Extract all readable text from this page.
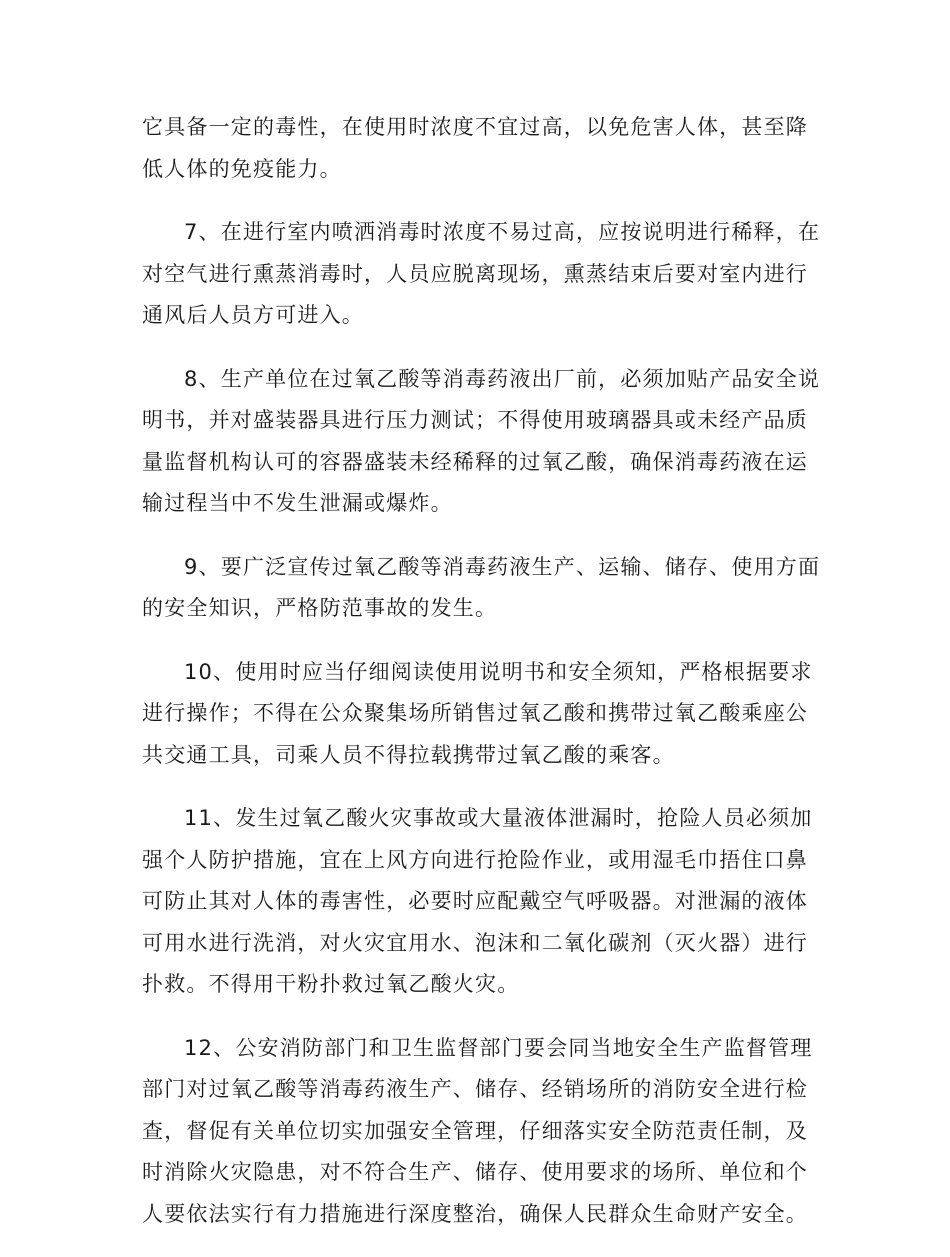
它具备一定的毒性，在使用时浓度不宜过高，以免危害人体，甚至降
低人体的免疫能力。

7、在进行室内喷洒消毒时浓度不易过高，应按说明进行稀释，在
对空气进行熏蒸消毒时，人员应脱离现场，熏蒸结束后要对室内进行
通风后人员方可进入。

8、生产单位在过氧乙酸等消毒药液出厂前，必须加贴产品安全说
明书，并对盛装器具进行压力测试；不得使用玻璃器具或未经产品质
量监督机构认可的容器盛装未经稀释的过氧乙酸，确保消毒药液在运
输过程当中不发生泄漏或爆炸。

9、要广泛宣传过氧乙酸等消毒药液生产、运输、储存、使用方面
的安全知识，严格防范事故的发生。

10、使用时应当仔细阅读使用说明书和安全须知，严格根据要求
进行操作；不得在公众聚集场所销售过氧乙酸和携带过氧乙酸乘座公
共交通工具，司乘人员不得拉载携带过氧乙酸的乘客。

11、发生过氧乙酸火灾事故或大量液体泄漏时，抢险人员必须加
强个人防护措施，宜在上风方向进行抢险作业，或用湿毛巾捂住口鼻
可防止其对人体的毒害性，必要时应配戴空气呼吸器。对泄漏的液体
可用水进行洗消，对火灾宜用水、泡沫和二氧化碳剂（灭火器）进行
扑救。不得用干粉扑救过氧乙酸火灾。

12、公安消防部门和卫生监督部门要会同当地安全生产监督管理
部门对过氧乙酸等消毒药液生产、储存、经销场所的消防安全进行检
查，督促有关单位切实加强安全管理，仔细落实安全防范责任制，及
时消除火灾隐患，对不符合生产、储存、使用要求的场所、单位和个
人要依法实行有力措施进行深度整治，确保人民群众生命财产安全。
